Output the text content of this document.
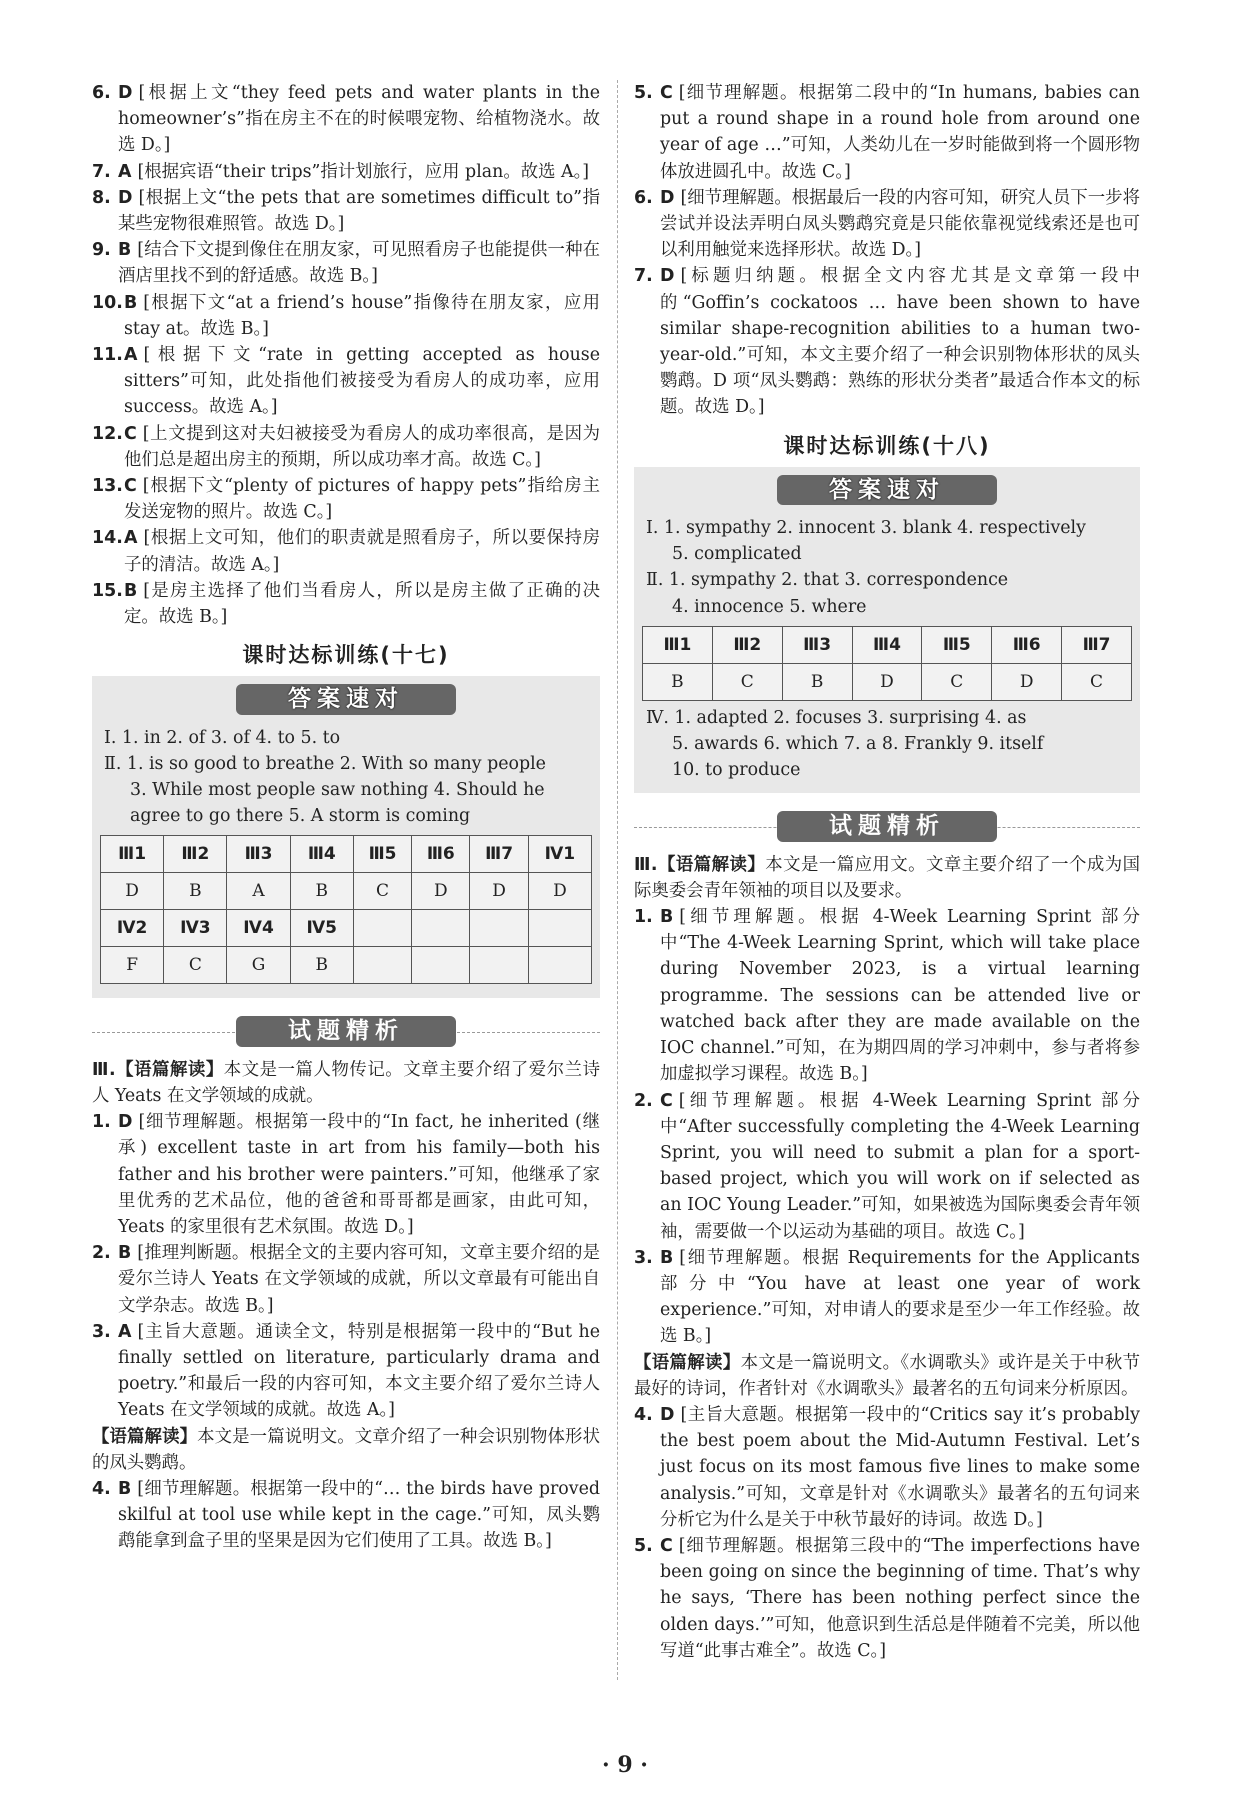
6. D [根据上文“they feed pets and water plants in the homeowner’s”指在房主不在的时候喂宠物、给植物浇水。故选 D。]
7. A [根据宾语“their trips”指计划旅行，应用 plan。故选 A。]
8. D [根据上文“the pets that are sometimes difficult to”指某些宠物很难照管。故选 D。]
9. B [结合下文提到像住在朋友家，可见照看房子也能提供一种在酒店里找不到的舒适感。故选 B。]
10. B [根据下文“at a friend’s house”指像待在朋友家，应用 stay at。故选 B。]
11. A [根据下文“rate in getting accepted as house sitters”可知，此处指他们被接受为看房人的成功率，应用 success。故选 A。]
12. C [上文提到这对夫妇被接受为看房人的成功率很高，是因为他们总是超出房主的预期，所以成功率才高。故选 C。]
13. C [根据下文“plenty of pictures of happy pets”指给房主发送宠物的照片。故选 C。]
14. A [根据上文可知，他们的职责就是照看房子，所以要保持房子的清洁。故选 A。]
15. B [是房主选择了他们当看房人，所以是房主做了正确的决定。故选 B。]
课时达标训练(十七)
答案速对
Ⅰ. 1. in 2. of 3. of 4. to 5. to
Ⅱ. 1. is so good to breathe 2. With so many people
3. While most people saw nothing 4. Should he
agree to go there 5. A storm is coming
Ⅲ1	Ⅲ2	Ⅲ3	Ⅲ4	Ⅲ5	Ⅲ6	Ⅲ7	Ⅳ1
D	B	A	B	C	D	D	D
Ⅳ2	Ⅳ3	Ⅳ4	Ⅳ5				
F	C	G	B				
试题精析
Ⅲ.【语篇解读】本文是一篇人物传记。文章主要介绍了爱尔兰诗人 Yeats 在文学领域的成就。
1. D [细节理解题。根据第一段中的“In fact, he inherited (继承) excellent taste in art from his family—both his father and his brother were painters.”可知，他继承了家里优秀的艺术品位，他的爸爸和哥哥都是画家，由此可知，Yeats 的家里很有艺术氛围。故选 D。]
2. B [推理判断题。根据全文的主要内容可知，文章主要介绍的是爱尔兰诗人 Yeats 在文学领域的成就，所以文章最有可能出自文学杂志。故选 B。]
3. A [主旨大意题。通读全文，特别是根据第一段中的“But he finally settled on literature, particularly drama and poetry.”和最后一段的内容可知，本文主要介绍了爱尔兰诗人 Yeats 在文学领域的成就。故选 A。]
【语篇解读】本文是一篇说明文。文章介绍了一种会识别物体形状的凤头鹦鹉。
4. B [细节理解题。根据第一段中的“… the birds have proved skilful at tool use while kept in the cage.”可知，凤头鹦鹉能拿到盒子里的坚果是因为它们使用了工具。故选 B。]
5. C [细节理解题。根据第二段中的“In humans, babies can put a round shape in a round hole from around one year of age …”可知，人类幼儿在一岁时能做到将一个圆形物体放进圆孔中。故选 C。]
6. D [细节理解题。根据最后一段的内容可知，研究人员下一步将尝试并设法弄明白凤头鹦鹉究竟是只能依靠视觉线索还是也可以利用触觉来选择形状。故选 D。]
7. D [标题归纳题。根据全文内容尤其是文章第一段中的“Goffin’s cockatoos … have been shown to have similar shape-recognition abilities to a human two-year-old.”可知，本文主要介绍了一种会识别物体形状的凤头鹦鹉。D 项“凤头鹦鹉：熟练的形状分类者”最适合作本文的标题。故选 D。]
课时达标训练(十八)
答案速对
Ⅰ. 1. sympathy 2. innocent 3. blank 4. respectively
5. complicated
Ⅱ. 1. sympathy 2. that 3. correspondence
4. innocence 5. where
Ⅲ1	Ⅲ2	Ⅲ3	Ⅲ4	Ⅲ5	Ⅲ6	Ⅲ7
B	C	B	D	C	D	C
Ⅳ. 1. adapted 2. focuses 3. surprising 4. as
5. awards 6. which 7. a 8. Frankly 9. itself
10. to produce
试题精析
Ⅲ.【语篇解读】本文是一篇应用文。文章主要介绍了一个成为国际奥委会青年领袖的项目以及要求。
1. B [细节理解题。根据 4-Week Learning Sprint 部分中“The 4-Week Learning Sprint, which will take place during November 2023, is a virtual learning programme. The sessions can be attended live or watched back after they are made available on the IOC channel.”可知，在为期四周的学习冲刺中，参与者将参加虚拟学习课程。故选 B。]
2. C [细节理解题。根据 4-Week Learning Sprint 部分中“After successfully completing the 4-Week Learning Sprint, you will need to submit a plan for a sport-based project, which you will work on if selected as an IOC Young Leader.”可知，如果被选为国际奥委会青年领袖，需要做一个以运动为基础的项目。故选 C。]
3. B [细节理解题。根据 Requirements for the Applicants 部分中“You have at least one year of work experience.”可知，对申请人的要求是至少一年工作经验。故选 B。]
【语篇解读】本文是一篇说明文。《水调歌头》或许是关于中秋节最好的诗词，作者针对《水调歌头》最著名的五句词来分析原因。
4. D [主旨大意题。根据第一段中的“Critics say it’s probably the best poem about the Mid-Autumn Festival. Let’s just focus on its most famous five lines to make some analysis.”可知，文章是针对《水调歌头》最著名的五句词来分析它为什么是关于中秋节最好的诗词。故选 D。]
5. C [细节理解题。根据第三段中的“The imperfections have been going on since the beginning of time. That’s why he says, ‘There has been nothing perfect since the olden days.’”可知，他意识到生活总是伴随着不完美，所以他写道“此事古难全”。故选 C。]
· 9 ·
